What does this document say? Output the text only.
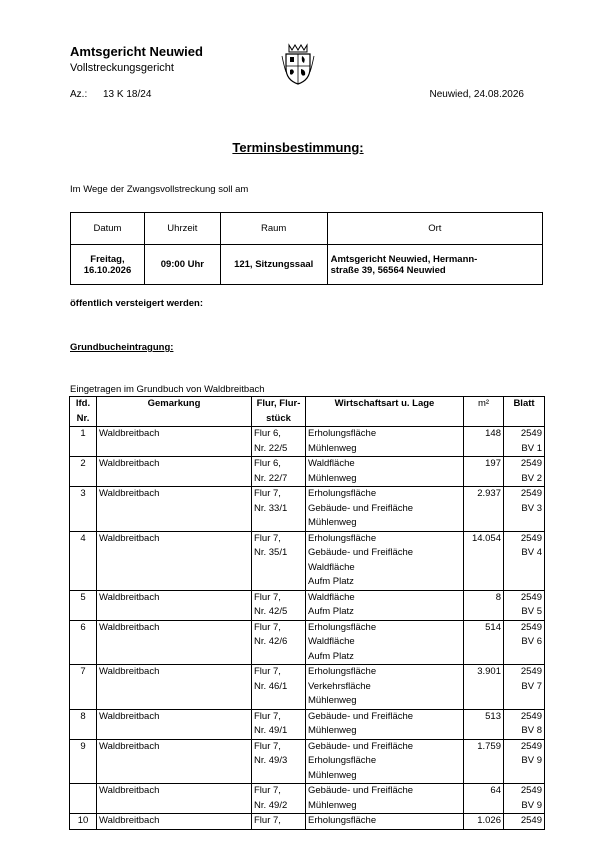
Amtsgericht Neuwied
Vollstreckungsgericht
Az.: 13 K 18/24	Neuwied, 24.08.2026
Terminsbestimmung:
Im Wege der Zwangsvollstreckung soll am
Datum	Uhrzeit	Raum	Ort

Freitag,
16.10.2026	09:00 Uhr	121, Sitzungssaal	Amtsgericht Neuwied, Hermann-
straße 39, 56564 Neuwied
öffentlich versteigert werden:
Grundbucheintragung:
Eingetragen im Grundbuch von Waldbreitbach
lfd.
Nr.	Gemarkung	Flur, Flur-
stück	Wirtschaftsart u. Lage	m²	Blatt
1	Waldbreitbach	Flur 6,
Nr. 22/5	Erholungsfläche
Mühlenweg	148	2549
BV 1

2	Waldbreitbach	Flur 6,
Nr. 22/7	Waldfläche
Mühlenweg	197	2549
BV 2

3	Waldbreitbach	Flur 7,
Nr. 33/1	Erholungsfläche
Gebäude- und Freifläche
Mühlenweg	2.937	2549
BV 3

4	Waldbreitbach	Flur 7,
Nr. 35/1	Erholungsfläche
Gebäude- und Freifläche
Waldfläche
Aufm Platz	14.054	2549
BV 4

5	Waldbreitbach	Flur 7,
Nr. 42/5	Waldfläche
Aufm Platz	8	2549
BV 5

6	Waldbreitbach	Flur 7,
Nr. 42/6	Erholungsfläche
Waldfläche
Aufm Platz	514	2549
BV 6

7	Waldbreitbach	Flur 7,
Nr. 46/1	Erholungsfläche
Verkehrsfläche
Mühlenweg	3.901	2549
BV 7

8	Waldbreitbach	Flur 7,
Nr. 49/1	Gebäude- und Freifläche
Mühlenweg	513	2549
BV 8

9	Waldbreitbach	Flur 7,
Nr. 49/3	Gebäude- und Freifläche
Erholungsfläche
Mühlenweg	1.759	2549
BV 9

	Waldbreitbach	Flur 7,
Nr. 49/2	Gebäude- und Freifläche
Mühlenweg	64	2549
BV 9

10	Waldbreitbach	Flur 7,	Erholungsfläche	1.026	2549
